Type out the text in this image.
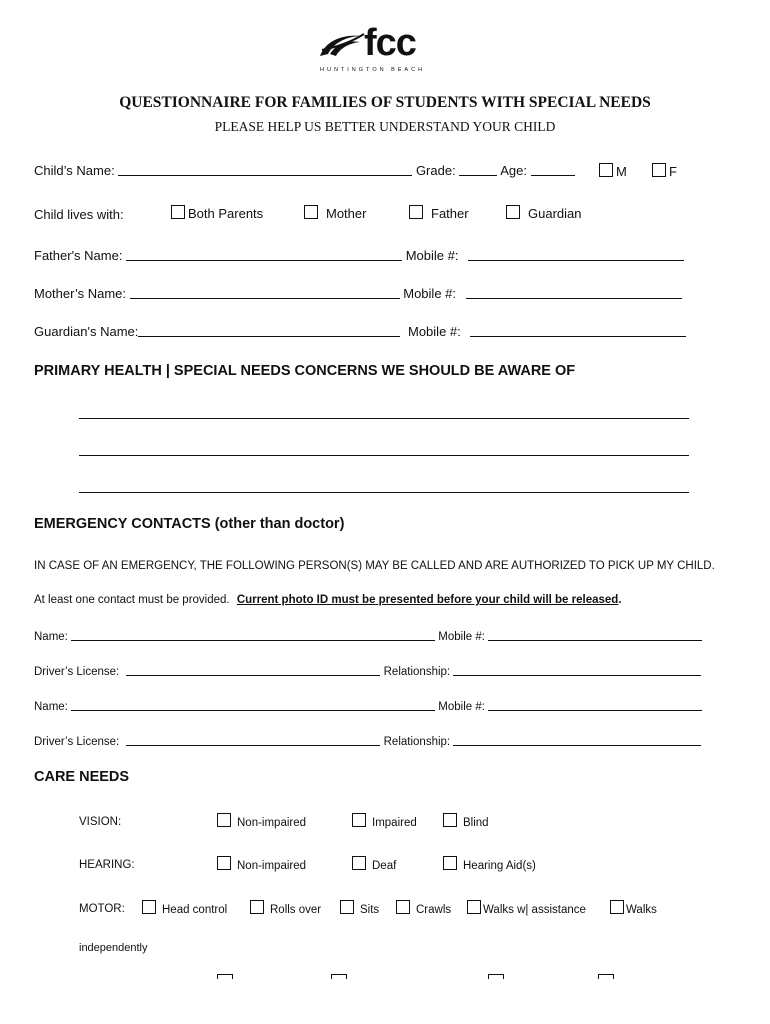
fcc
HUNTINGTON BEACH
QUESTIONNAIRE FOR FAMILIES OF STUDENTS WITH SPECIAL NEEDS
PLEASE HELP US BETTER UNDERSTAND YOUR CHILD
Child’s Name:	Grade:	Age:	M	F
Child lives with:	Both Parents	Mother	Father	Guardian
Father's Name:	Mobile #:
Mother’s Name:	Mobile #:
Guardian's Name:	Mobile #:
PRIMARY HEALTH | SPECIAL NEEDS CONCERNS WE SHOULD BE AWARE OF
EMERGENCY CONTACTS (other than doctor)
IN CASE OF AN EMERGENCY, THE FOLLOWING PERSON(S) MAY BE CALLED AND ARE AUTHORIZED TO PICK UP MY CHILD.
At least one contact must be provided. Current photo ID must be presented before your child will be released.
Name:	Mobile #:
Driver’s License:	Relationship:
Name:	Mobile #:
Driver’s License:	Relationship:
CARE NEEDS
VISION:	Non-impaired	Impaired	Blind
HEARING:	Non-impaired	Deaf	Hearing Aid(s)
MOTOR:	Head control	Rolls over	Sits	Crawls	Walks w| assistance	Walks
independently
